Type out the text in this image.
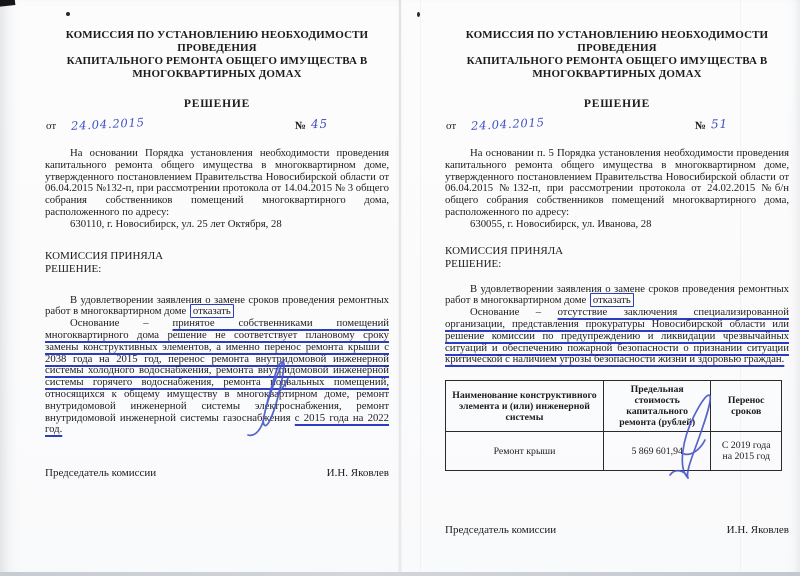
КОМИССИЯ ПО УСТАНОВЛЕНИЮ НЕОБХОДИМОСТИ ПРОВЕДЕНИЯ
КАПИТАЛЬНОГО РЕМОНТА ОБЩЕГО ИМУЩЕСТВА В
МНОГОКВАРТИРНЫХ ДОМАХ
РЕШЕНИЕ
от 24.04.2015	№ 45

На основании Порядка установления необходимости проведения капитального ремонта общего имущества в многоквартирном доме, утвержденного постановлением Правительства Новосибирской области от 06.04.2015 №132-п, при рассмотрении протокола от 14.04.2015 № 3 общего собрания собственников помещений многоквартирного дома, расположенного по адресу:

630110, г. Новосибирск, ул. 25 лет Октября, 28

КОМИССИЯ ПРИНЯЛА

РЕШЕНИЕ:

В удовлетворении заявления о замене сроков проведения ремонтных работ в многоквартирном доме отказать

Основание – принятое собственниками помещений многоквартирного дома решение не соответствует плановому сроку замены конструктивных элементов, а именно перенос ремонта крыши с 2038 года на 2015 год, перенос ремонта внутридомовой инженерной системы холодного водоснабжения, ремонта внутридомовой инженерной системы горячего водоснабжения, ремонта подвальных помещений, относящихся к общему имуществу в многоквартирном доме, ремонт внутридомовой инженерной системы электроснабжения, ремонт внутридомовой инженерной системы газоснабжения с 2015 года на 2022 год.

Председатель комиссии	И.Н. Яковлев
КОМИССИЯ ПО УСТАНОВЛЕНИЮ НЕОБХОДИМОСТИ ПРОВЕДЕНИЯ
КАПИТАЛЬНОГО РЕМОНТА ОБЩЕГО ИМУЩЕСТВА В
МНОГОКВАРТИРНЫХ ДОМАХ
РЕШЕНИЕ
от 24.04.2015	№ 51

На основании п. 5 Порядка установления необходимости проведения капитального ремонта общего имущества в многоквартирном доме, утвержденного постановлением Правительства Новосибирской области от 06.04.2015 №132-п, при рассмотрении протокола от 24.02.2015 №б/н общего собрания собственников помещений многоквартирного дома, расположенного по адресу:

630055, г. Новосибирск, ул. Иванова, 28

КОМИССИЯ ПРИНЯЛА

РЕШЕНИЕ:

В удовлетворении заявления о замене сроков проведения ремонтных работ в многоквартирном доме отказать

Основание – отсутствие заключения специализированной организации, представления прокуратуры Новосибирской области или решение комиссии по предупреждению и ликвидации чрезвычайных ситуаций и обеспечению пожарной безопасности о признании ситуации критической с наличием угрозы безопасности жизни и здоровью граждан.

Наименование конструктивного элемента и (или) инженерной системы	Предельная стоимость капитального ремонта (рублей)	Перенос сроков
Ремонт крыши	5 869 601,94	С 2019 года на 2015 год
Председатель комиссии	И.Н. Яковлев
